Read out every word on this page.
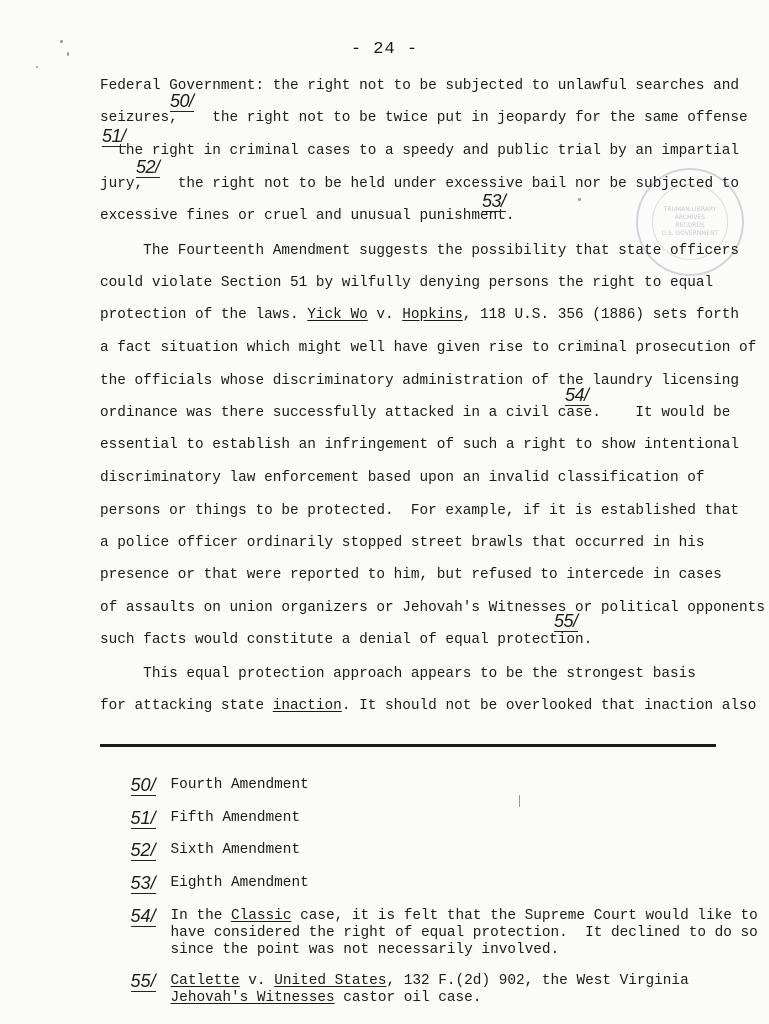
- 24 -
TRUMAN LIBRARY
ARCHIVES
RECORDS
U.S. GOVERNMENT
Federal Government: the right not to be subjected to unlawful searches and
seizures,    the right not to be twice put in jeopardy for the same offense
the right in criminal cases to a speedy and public trial by an impartial
jury,    the right not to be held under excessive bail nor be subjected to
excessive fines or cruel and unusual punishment.
The Fourteenth Amendment suggests the possibility that state officers
could violate Section 51 by wilfully denying persons the right to equal
protection of the laws. Yick Wo v. Hopkins, 118 U.S. 356 (1886) sets forth
a fact situation which might well have given rise to criminal prosecution of
the officials whose discriminatory administration of the laundry licensing
ordinance was there successfully attacked in a civil case.    It would be
essential to establish an infringement of such a right to show intentional
discriminatory law enforcement based upon an invalid classification of
persons or things to be protected.  For example, if it is established that
a police officer ordinarily stopped street brawls that occurred in his
presence or that were reported to him, but refused to intercede in cases
of assaults on union organizers or Jehovah's Witnesses or political opponents
such facts would constitute a denial of equal protection.
This equal protection approach appears to be the strongest basis
for attacking state inaction. It should not be overlooked that inaction also
50/
51/
52/
53/
54/
55/

50/ Fourth Amendment

51/ Fifth Amendment

52/ Sixth Amendment

53/ Eighth Amendment

54/ In the Classic case, it is felt that the Supreme Court would like to
have considered the right of equal protection.  It declined to do so
since the point was not necessarily involved.

55/ Catlette v. United States, 132 F.(2d) 902, the West Virginia
Jehovah's Witnesses castor oil case.
